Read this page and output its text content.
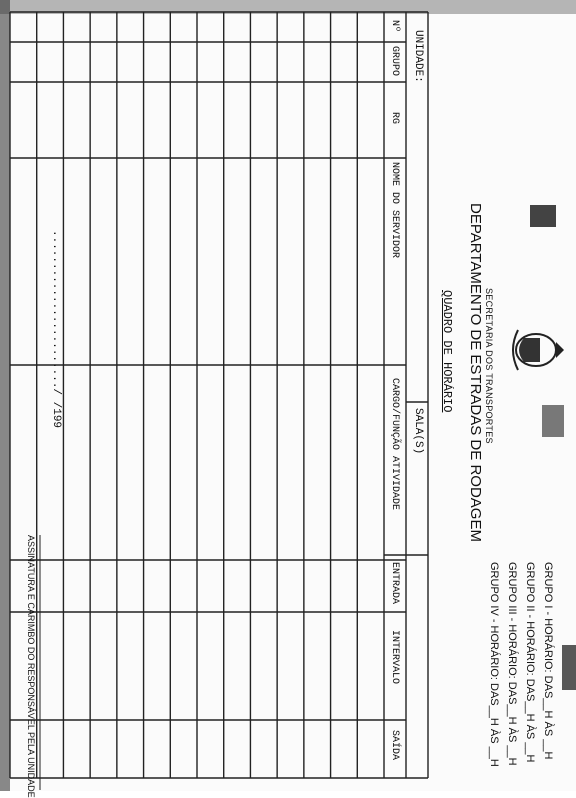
SECRETARIA DOS TRANSPORTES
DEPARTAMENTO DE ESTRADAS DE RODAGEM
QUADRO DE HORÁRIO
GRUPO I - HORÁRIO: DAS__H ÀS __H
GRUPO II - HORÁRIO: DAS__H ÀS __H
GRUPO III - HORÁRIO: DAS__H ÀS __H
GRUPO IV - HORÁRIO: DAS__H ÀS __H
UNIDADE:
SALA(S)
Nº
GRUPO
RG
NOME DO SERVIDOR
CARGO/FUNÇÃO ATIVIDADE
ENTRADA
INTERVALO
SAÍDA
......................../ /199
ASSINATURA E CARIMBO DO RESPONSÁVEL PELA UNIDADE
